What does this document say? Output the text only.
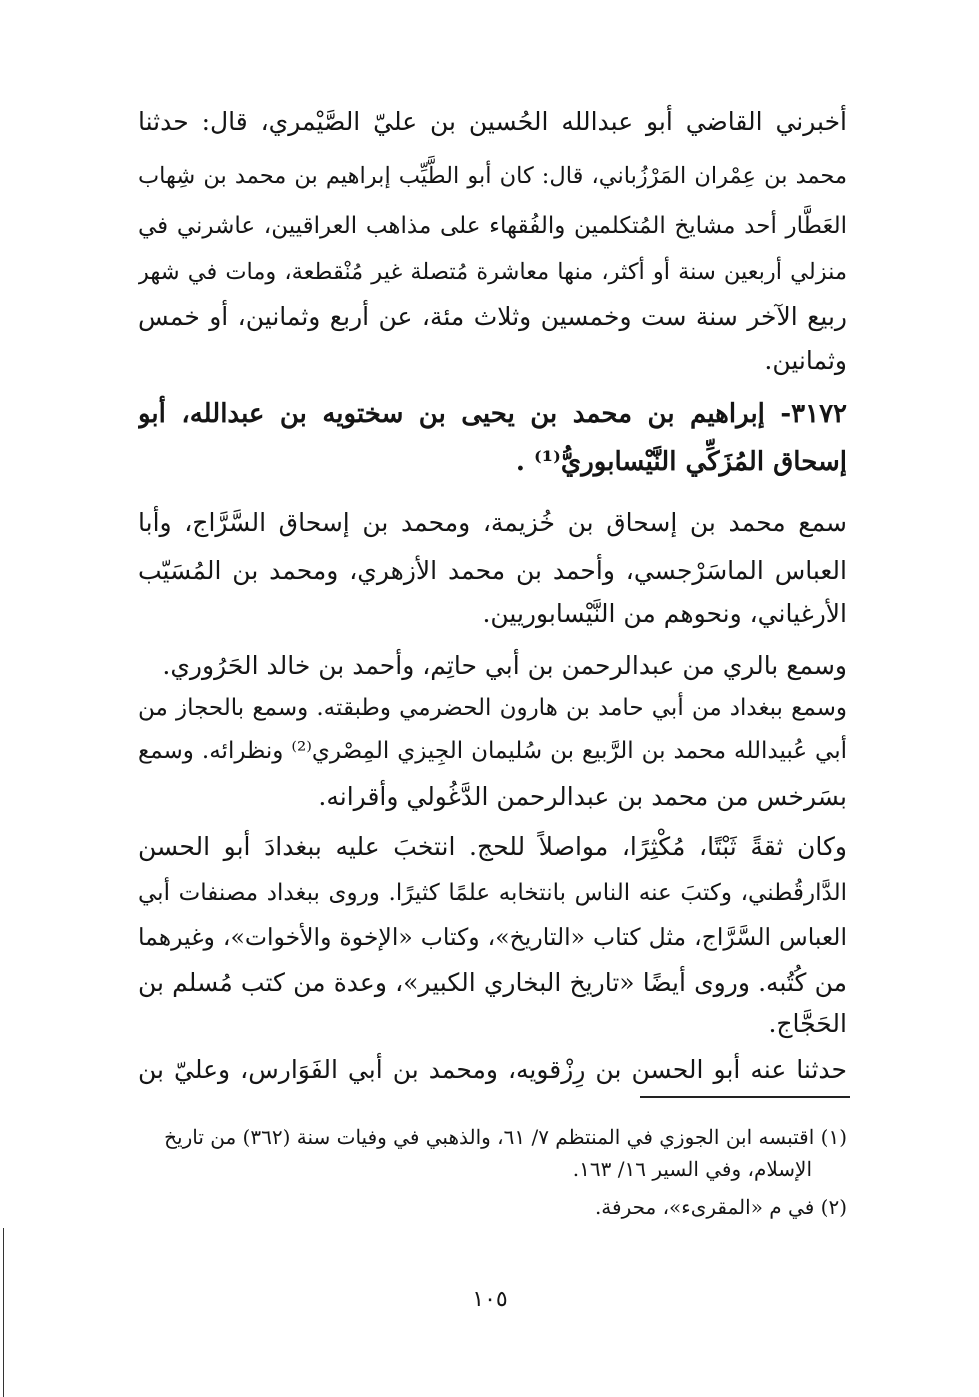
أخبرني القاضي أبو عبدالله الحُسين بن عليّ الصَّيْمري، قال: حدثنا
محمد بن عِمْران المَرْزُباني، قال: كان أبو الطَّيِّب إبراهيم بن محمد بن شِهاب
العَطَّار أحد مشايخ المُتكلمين والفُقهاء على مذاهب العراقيين، عاشرني في
منزلي أربعين سنة أو أكثر، منها معاشرة مُتصلة غير مُنْقطعة، ومات في شهر
ربيع الآخر سنة ست وخمسين وثلاث مئة، عن أربع وثمانين، أو خمس
وثمانين.
٣١٧٢- إبراهيم بن محمد بن يحيى بن سختويه بن عبدالله، أبو
إسحاق المُزَكِّي النَّيْسابوريُّ⁽¹⁾ .
سمع محمد بن إسحاق بن خُزيمة، ومحمد بن إسحاق السَّرَّاج، وأبا
العباس الماسَرْجسي، وأحمد بن محمد الأزهري، ومحمد بن المُسَيّب
الأرغياني، ونحوهم من النَّيْسابوريين.
وسمع بالري من عبدالرحمن بن أبي حاتِم، وأحمد بن خالد الحَرُوري.
وسمع ببغداد من أبي حامد بن هارون الحضرمي وطبقته. وسمع بالحجاز من
أبي عُبيدالله محمد بن الرَّبيع بن سُليمان الجِيزي المِصْري⁽²⁾ ونظرائه. وسمع
بسَرخس من محمد بن عبدالرحمن الدَّغُولي وأقرانه.
وكان ثقةً ثَبْتًا، مُكْثِرًا، مواصلاً للحج. انتخبَ عليه ببغدادَ أبو الحسن
الدَّارقُطني، وكتبَ عنه الناس بانتخابه علمًا كثيرًا. وروى ببغداد مصنفات أبي
العباس السَّرَّاج، مثل كتاب «التاريخ»، وكتاب «الإخوة والأخوات»، وغيرهما
من كُتُبه. وروى أيضًا «تاريخ البخاري الكبير»، وعدة من كتب مُسلم بن
الحَجَّاج.
حدثنا عنه أبو الحسن بن رِزْقويه، ومحمد بن أبي الفَوَارس، وعليّ بن
(١) اقتبسه ابن الجوزي في المنتظم ٧/ ٦١، والذهبي في وفيات سنة (٣٦٢) من تاريخ
الإسلام، وفي السير ١٦/ ١٦٣.
(٢) في م «المقرىء»، محرفة.
١٠٥
